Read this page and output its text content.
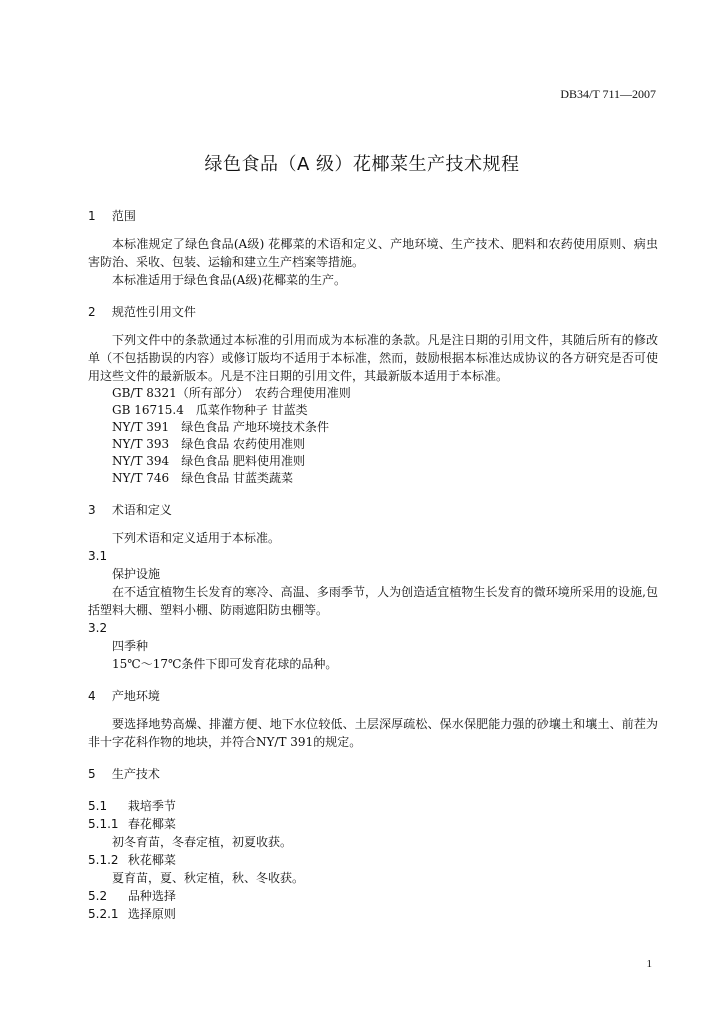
DB34/T 711—2007
绿色食品（A 级）花椰菜生产技术规程
1 范围

本标准规定了绿色食品(A级) 花椰菜的术语和定义、产地环境、生产技术、肥料和农药使用原则、病虫害防治、采收、包装、运输和建立生产档案等措施。

本标准适用于绿色食品(A级)花椰菜的生产。

2 规范性引用文件

下列文件中的条款通过本标准的引用而成为本标准的条款。凡是注日期的引用文件，其随后所有的修改单（不包括勘误的内容）或修订版均不适用于本标准，然而，鼓励根据本标准达成协议的各方研究是否可使用这些文件的最新版本。凡是不注日期的引用文件，其最新版本适用于本标准。

GB/T 8321（所有部分）　农药合理使用准则

GB 16715.4　瓜菜作物种子 甘蓝类

NY/T 391　绿色食品 产地环境技术条件

NY/T 393　绿色食品 农药使用准则

NY/T 394　绿色食品 肥料使用准则

NY/T 746　绿色食品 甘蓝类蔬菜

3 术语和定义

下列术语和定义适用于本标准。

3.1
保护设施

在不适宜植物生长发育的寒冷、高温、多雨季节，人为创造适宜植物生长发育的微环境所采用的设施,包括塑料大棚、塑料小棚、防雨遮阳防虫棚等。

3.2
四季种

15℃～17℃条件下即可发育花球的品种。

4 产地环境

要选择地势高燥、排灌方便、地下水位较低、土层深厚疏松、保水保肥能力强的砂壤土和壤土、前茬为非十字花科作物的地块，并符合NY/T 391的规定。

5 生产技术
5.1 栽培季节
5.1.1 春花椰菜

初冬育苗，冬春定植，初夏收获。

5.1.2 秋花椰菜

夏育苗，夏、秋定植，秋、冬收获。

5.2 品种选择
5.2.1 选择原则
1
